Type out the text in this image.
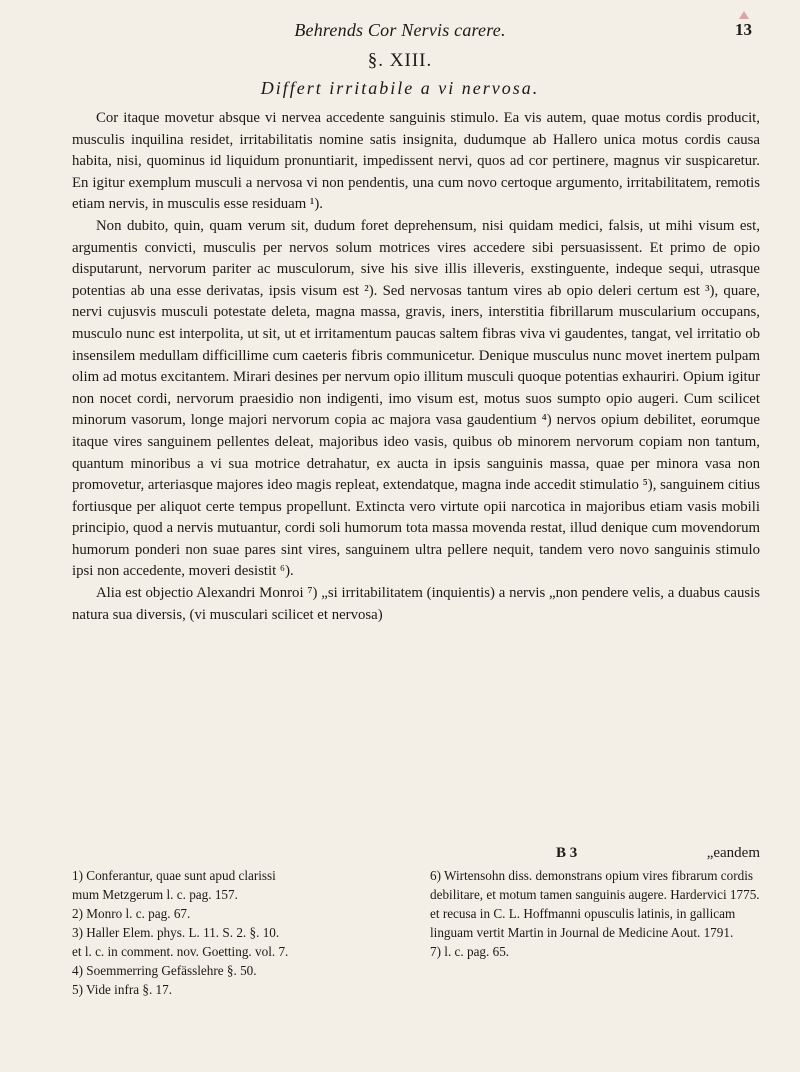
Behrends Cor Nervis carere.	13
§. XIII.
Differt irritabile a vi nervosa.

Cor itaque movetur absque vi nervea accedente sanguinis stimulo. Ea vis autem, quae motus cordis producit, musculis inquilina residet, irritabilitatis nomine satis insignita, dudumque ab Hallero unica motus cordis causa habita, nisi, quominus id liquidum pronuntiarit, impedissent nervi, quos ad cor pertinere, magnus vir suspicaretur. En igitur exemplum musculi a nervosa vi non pendentis, una cum novo certoque argumento, irritabilitatem, remotis etiam nervis, in musculis esse residuam ¹).

Non dubito, quin, quam verum sit, dudum foret deprehensum, nisi quidam medici, falsis, ut mihi visum est, argumentis convicti, musculis per nervos solum motrices vires accedere sibi persuasissent. Et primo de opio disputarunt, nervorum pariter ac musculorum, sive his sive illis illeveris, exstinguente, indeque sequi, utrasque potentias ab una esse derivatas, ipsis visum est ²). Sed nervosas tantum vires ab opio deleri certum est ³), quare, nervi cujusvis musculi potestate deleta, magna massa, gravis, iners, interstitia fibrillarum muscularium occupans, musculo nunc est interpolita, ut sit, ut et irritamentum paucas saltem fibras viva vi gaudentes, tangat, vel irritatio ob insensilem medullam difficillime cum caeteris fibris communicetur. Denique musculus nunc movet inertem pulpam olim ad motus excitantem. Mirari desines per nervum opio illitum musculi quoque potentias exhauriri. Opium igitur non nocet cordi, nervorum praesidio non indigenti, imo visum est, motus suos sumpto opio augeri. Cum scilicet minorum vasorum, longe majori nervorum copia ac majora vasa gaudentium ⁴) nervos opium debilitet, eorumque itaque vires sanguinem pellentes deleat, majoribus ideo vasis, quibus ob minorem nervorum copiam non tantum, quantum minoribus a vi sua motrice detrahatur, ex aucta in ipsis sanguinis massa, quae per minora vasa non promovetur, arteriasque majores ideo magis repleat, extendatque, magna inde accedit stimulatio ⁵), sanguinem citius fortiusque per aliquot certe tempus propellunt. Extincta vero virtute opii narcotica in majoribus etiam vasis mobili principio, quod a nervis mutuantur, cordi soli humorum tota massa movenda restat, illud denique cum movendorum humorum ponderi non suae pares sint vires, sanguinem ultra pellere nequit, tandem vero novo sanguinis stimulo ipsi non accedente, moveri desistit ⁶).

Alia est objectio Alexandri Monroi ⁷) „si irritabilitatem (inquientis) a nervis „non pendere velis, a duabus causis natura sua diversis, (vi musculari scilicet et nervosa)

B 3	„eandem
1) Conferantur, quae sunt apud clarissi
mum Metzgerum l. c. pag. 157.
2) Monro l. c. pag. 67.
3) Haller Elem. phys. L. 11. S. 2. §. 10.
et l. c. in comment. nov. Goetting. vol. 7.
4) Soemmerring Gefässlehre §. 50.
5) Vide infra §. 17.
6) Wirtensohn diss. demonstrans opium vires fibrarum cordis debilitare, et motum tamen sanguinis augere. Hardervici 1775. et recusa in C. L. Hoffmanni opusculis latinis, in gallicam linguam vertit Martin in Journal de Medicine Aout. 1791.
7) l. c. pag. 65.
